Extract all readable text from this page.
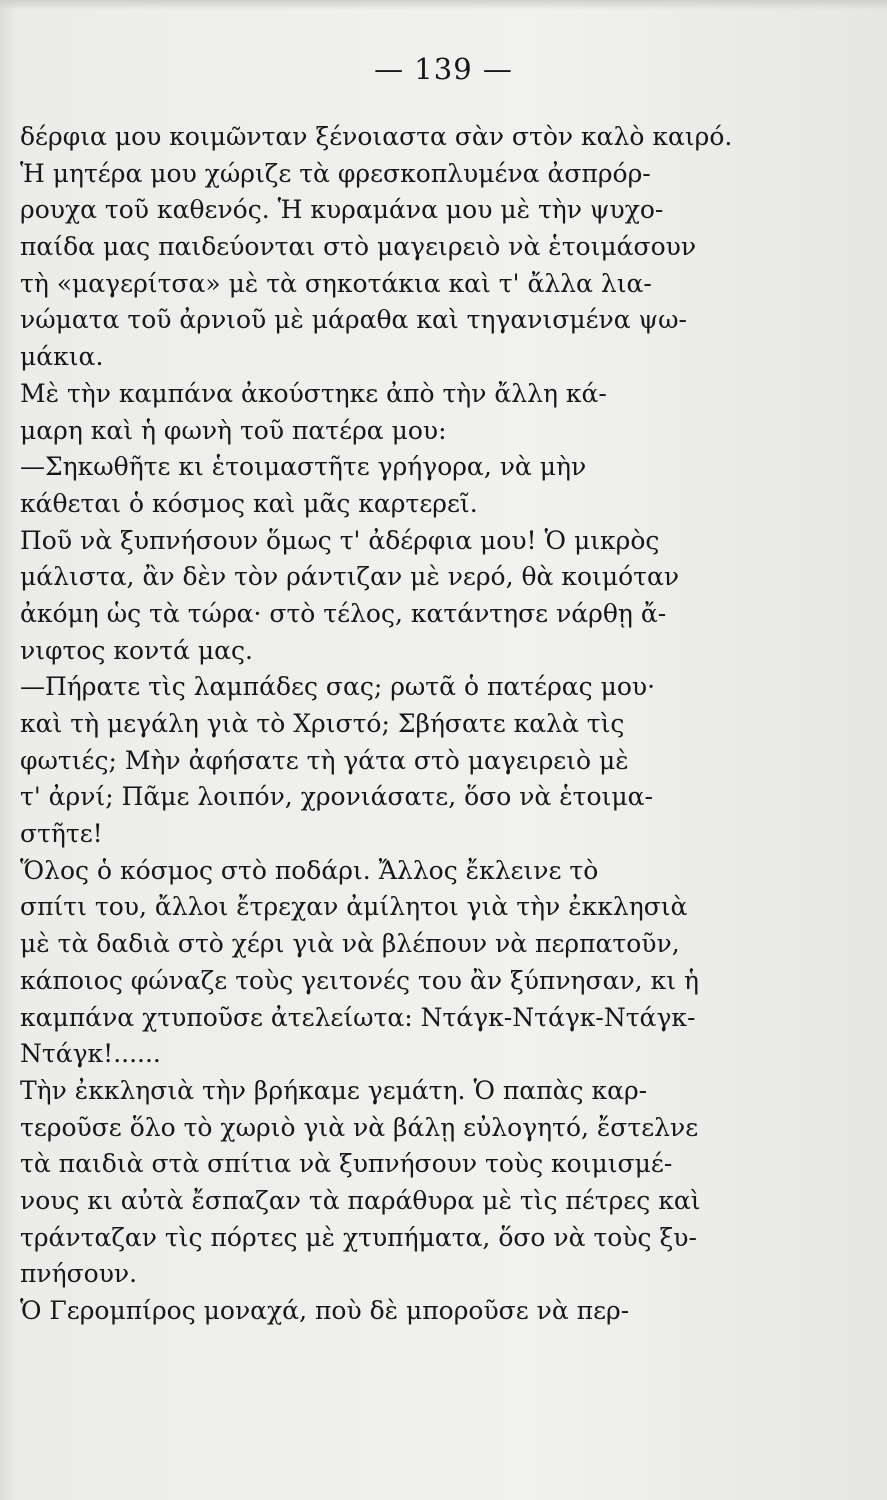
— 139 —

δέρφια μου κοιμῶνταν ξένοιαστα σὰν στὸν καλὸ καιρό.
Ἡ μητέρα μου χώριζε τὰ φρεσκοπλυμένα ἀσπρόρ-
ρουχα τοῦ καθενός. Ἡ κυραμάνα μου μὲ τὴν ψυχο-
παίδα μας παιδεύονται στὸ μαγειρειὸ νὰ ἑτοιμάσουν
τὴ «μαγερίτσα» μὲ τὰ σηκοτάκια καὶ τ' ἄλλα λια-
νώματα τοῦ ἀρνιοῦ μὲ μάραθα καὶ τηγανισμένα ψω-
μάκια.
Μὲ τὴν καμπάνα ἀκούστηκε ἀπὸ τὴν ἄλλη κά-
μαρη καὶ ἡ φωνὴ τοῦ πατέρα μου:
—Σηκωθῆτε κι ἑτοιμαστῆτε γρήγορα, νὰ μὴν
κάθεται ὁ κόσμος καὶ μᾶς καρτερεῖ.
Ποῦ νὰ ξυπνήσουν ὅμως τ' ἀδέρφια μου! Ὁ μικρὸς
μάλιστα, ἂν δὲν τὸν ράντιζαν μὲ νερό, θὰ κοιμόταν
ἀκόμη ὡς τὰ τώρα· στὸ τέλος, κατάντησε νάρθῃ ἄ-
νιφτος κοντά μας.
—Πήρατε τὶς λαμπάδες σας; ρωτᾶ ὁ πατέρας μου·
καὶ τὴ μεγάλη γιὰ τὸ Χριστό; Σβήσατε καλὰ τὶς
φωτιές; Μὴν ἀφήσατε τὴ γάτα στὸ μαγειρειὸ μὲ
τ' ἀρνί; Πᾶμε λοιπόν, χρονιάσατε, ὅσο νὰ ἑτοιμα-
στῆτε!
Ὅλος ὁ κόσμος στὸ ποδάρι. Ἄλλος ἔκλεινε τὸ
σπίτι του, ἄλλοι ἔτρεχαν ἀμίλητοι γιὰ τὴν ἐκκλησιὰ
μὲ τὰ δαδιὰ στὸ χέρι γιὰ νὰ βλέπουν νὰ περπατοῦν,
κάποιος φώναζε τοὺς γειτονές του ἂν ξύπνησαν, κι ἡ
καμπάνα χτυποῦσε ἀτελείωτα: Ντάγκ-Ντάγκ-Ντάγκ-
Ντάγκ!......
Τὴν ἐκκλησιὰ τὴν βρήκαμε γεμάτη. Ὁ παπὰς καρ-
τεροῦσε ὅλο τὸ χωριὸ γιὰ νὰ βάλῃ εὐλογητό, ἔστελνε
τὰ παιδιὰ στὰ σπίτια νὰ ξυπνήσουν τοὺς κοιμισμέ-
νους κι αὐτὰ ἔσπαζαν τὰ παράθυρα μὲ τὶς πέτρες καὶ
τράνταζαν τὶς πόρτες μὲ χτυπήματα, ὅσο νὰ τοὺς ξυ-
πνήσουν.
Ὁ Γερομπίρος μοναχά, ποὺ δὲ μποροῦσε νὰ περ-
